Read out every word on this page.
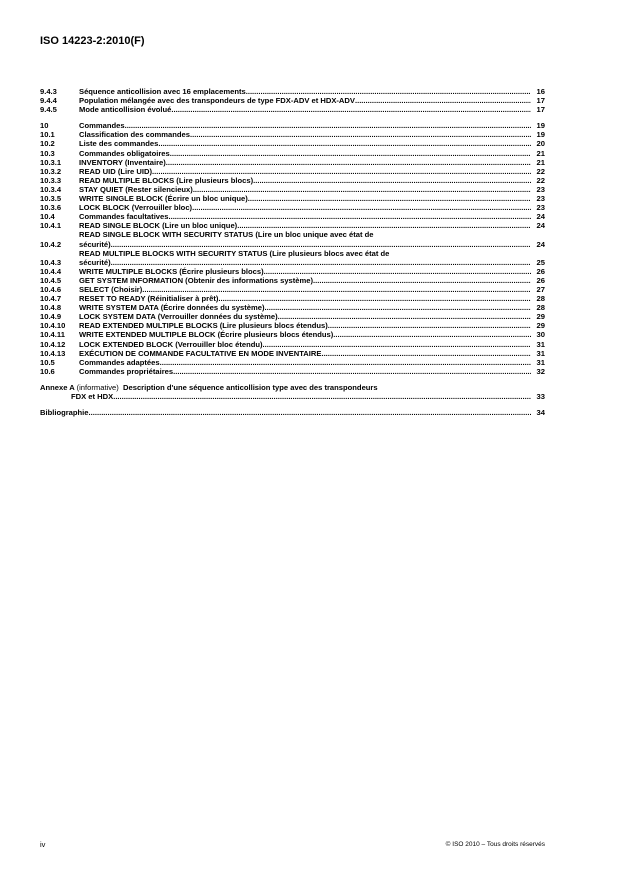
ISO 14223-2:2010(F)
9.4.3	Séquence anticollision avec 16 emplacements .....	16
9.4.4	Population mélangée avec des transpondeurs de type FDX-ADV et HDX-ADV .....	17
9.4.5	Mode anticollision évolué .....	17
10	Commandes .....	19
10.1	Classification des commandes .....	19
10.2	Liste des commandes .....	20
10.3	Commandes obligatoires .....	21
10.3.1	INVENTORY (Inventaire) .....	21
10.3.2	READ UID (Lire UID) .....	22
10.3.3	READ MULTIPLE BLOCKS (Lire plusieurs blocs) .....	22
10.3.4	STAY QUIET (Rester silencieux) .....	23
10.3.5	WRITE SINGLE BLOCK (Écrire un bloc unique) .....	23
10.3.6	LOCK BLOCK (Verrouiller bloc) .....	23
10.4	Commandes facultatives .....	24
10.4.1	READ SINGLE BLOCK (Lire un bloc unique) .....	24
10.4.2
READ SINGLE BLOCK WITH SECURITY STATUS (Lire un bloc unique avec état de
sécurité) .....	24
10.4.3
READ MULTIPLE BLOCKS WITH SECURITY STATUS (Lire plusieurs blocs avec état de
sécurité) .....	25
10.4.4	WRITE MULTIPLE BLOCKS (Écrire plusieurs blocs) .....	26
10.4.5	GET SYSTEM INFORMATION (Obtenir des informations système) .....	26
10.4.6	SELECT (Choisir) .....	27
10.4.7	RESET TO READY (Réinitialiser à prêt) .....	28
10.4.8	WRITE SYSTEM DATA (Écrire données du système) .....	28
10.4.9	LOCK SYSTEM DATA (Verrouiller données du système) .....	29
10.4.10	READ EXTENDED MULTIPLE BLOCKS (Lire plusieurs blocs étendus) .....	29
10.4.11	WRITE EXTENDED MULTIPLE BLOCK (Écrire plusieurs blocs étendus) .....	30
10.4.12	LOCK EXTENDED BLOCK (Verrouiller bloc étendu) .....	31
10.4.13	EXÉCUTION DE COMMANDE FACULTATIVE EN MODE INVENTAIRE .....	31
10.5	Commandes adaptées .....	31
10.6	Commandes propriétaires .....	32
Annexe A (informative) Description d'une séquence anticollision type avec des transpondeurs
FDX et HDX .....	33
Bibliographie .....	34
iv	© ISO 2010 – Tous droits réservés
